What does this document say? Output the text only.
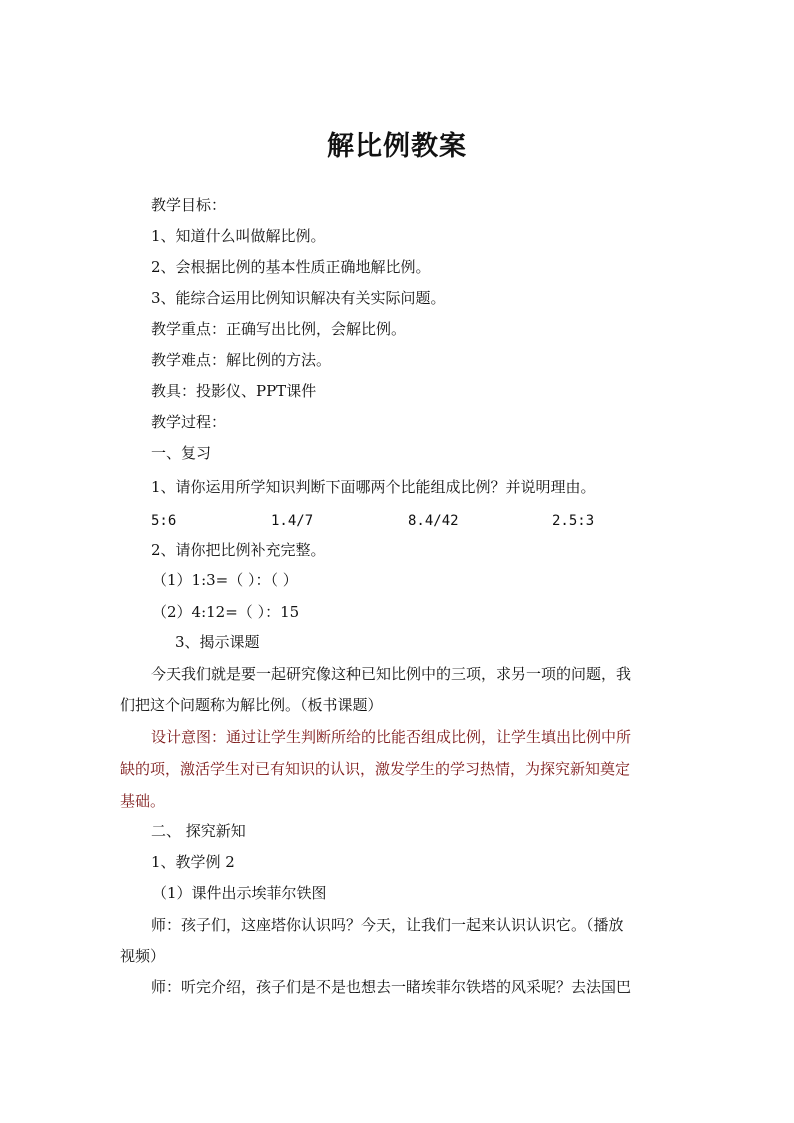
解比例教案
教学目标：
1、知道什么叫做解比例。
2、会根据比例的基本性质正确地解比例。
3、能综合运用比例知识解决有关实际问题。
教学重点：正确写出比例，会解比例。
教学难点：解比例的方法。
教具：投影仪、PPT课件
教学过程：
一、复习
1、请你运用所学知识判断下面哪两个比能组成比例？并说明理由。
5:6	1.4/7	8.4/42	2.5:3
2、请你把比例补充完整。
（1）1:3=（ ）：（ ）
（2）4:12=（ ）：15
3、揭示课题
今天我们就是要一起研究像这种已知比例中的三项，求另一项的问题，我
们把这个问题称为解比例。（板书课题）
设计意图：通过让学生判断所给的比能否组成比例，让学生填出比例中所
缺的项，激活学生对已有知识的认识，激发学生的学习热情，为探究新知奠定
基础。
二、 探究新知
1、教学例 2
（1）课件出示埃菲尔铁图
师：孩子们，这座塔你认识吗？今天，让我们一起来认识认识它。（播放
视频）
师：听完介绍，孩子们是不是也想去一睹埃菲尔铁塔的风采呢？去法国巴
